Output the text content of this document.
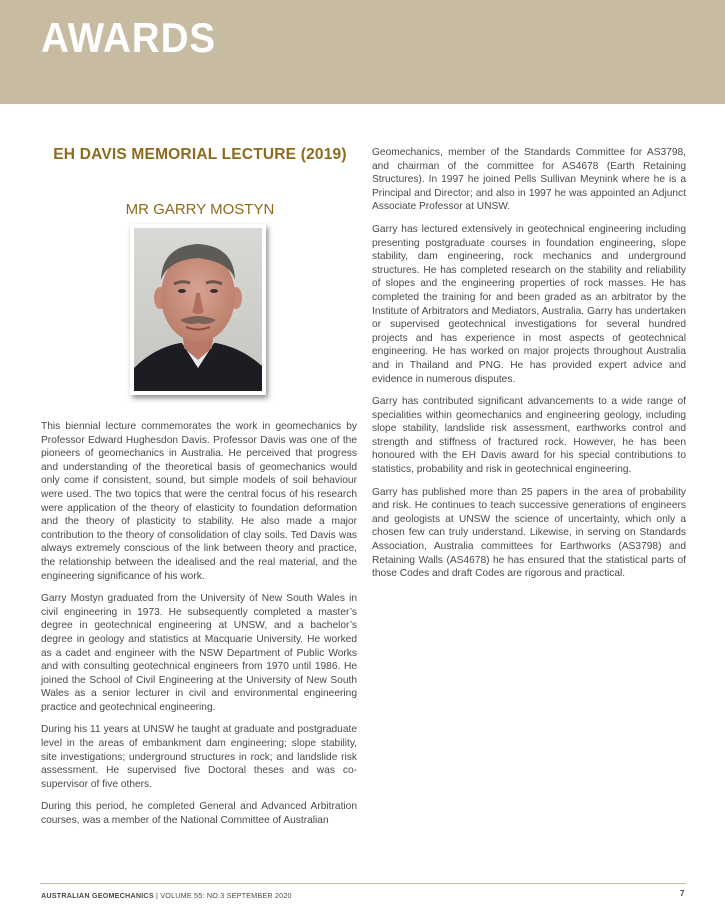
AWARDS
EH DAVIS MEMORIAL LECTURE (2019)
MR GARRY MOSTYN

This biennial lecture commemorates the work in geomechanics by Professor Edward Hughesdon Davis. Professor Davis was one of the pioneers of geomechanics in Australia. He perceived that progress and understanding of the theoretical basis of geomechanics would only come if consistent, sound, but simple models of soil behaviour were used. The two topics that were the central focus of his research were application of the theory of elasticity to foundation deformation and the theory of plasticity to stability. He also made a major contribution to the theory of consolidation of clay soils. Ted Davis was always extremely conscious of the link between theory and practice, the relationship between the idealised and the real material, and the engineering significance of his work.

Garry Mostyn graduated from the University of New South Wales in civil engineering in 1973. He subsequently completed a master’s degree in geotechnical engineering at UNSW, and a bachelor’s degree in geology and statistics at Macquarie University. He worked as a cadet and engineer with the NSW Department of Public Works and with consulting geotechnical engineers from 1970 until 1986. He joined the School of Civil Engineering at the University of New South Wales as a senior lecturer in civil and environmental engineering practice and geotechnical engineering.

During his 11 years at UNSW he taught at graduate and postgraduate level in the areas of embankment dam engineering; slope stability, site investigations; underground structures in rock; and landslide risk assessment. He supervised five Doctoral theses and was co-supervisor of five others.

During this period, he completed General and Advanced Arbitration courses, was a member of the National Committee of Australian

Geomechanics, member of the Standards Committee for AS3798, and chairman of the committee for AS4678 (Earth Retaining Structures). In 1997 he joined Pells Sullivan Meynink where he is a Principal and Director; and also in 1997 he was appointed an Adjunct Associate Professor at UNSW.

Garry has lectured extensively in geotechnical engineering including presenting postgraduate courses in foundation engineering, slope stability, dam engineering, rock mechanics and underground structures. He has completed research on the stability and reliability of slopes and the engineering properties of rock masses. He has completed the training for and been graded as an arbitrator by the Institute of Arbitrators and Mediators, Australia. Garry has undertaken or supervised geotechnical investigations for several hundred projects and has experience in most aspects of geotechnical engineering. He has worked on major projects throughout Australia and in Thailand and PNG. He has provided expert advice and evidence in numerous disputes.

Garry has contributed significant advancements to a wide range of specialities within geomechanics and engineering geology, including slope stability, landslide risk assessment, earthworks control and strength and stiffness of fractured rock. However, he has been honoured with the EH Davis award for his special contributions to statistics, probability and risk in geotechnical engineering.

Garry has published more than 25 papers in the area of probability and risk. He continues to teach successive generations of engineers and geologists at UNSW the science of uncertainty, which only a chosen few can truly understand. Likewise, in serving on Standards Association, Australia committees for Earthworks (AS3798) and Retaining Walls (AS4678) he has ensured that the statistical parts of those Codes and draft Codes are rigorous and practical.

AUSTRALIAN GEOMECHANICS | VOLUME 55: NO.3 SEPTEMBER 2020	7
